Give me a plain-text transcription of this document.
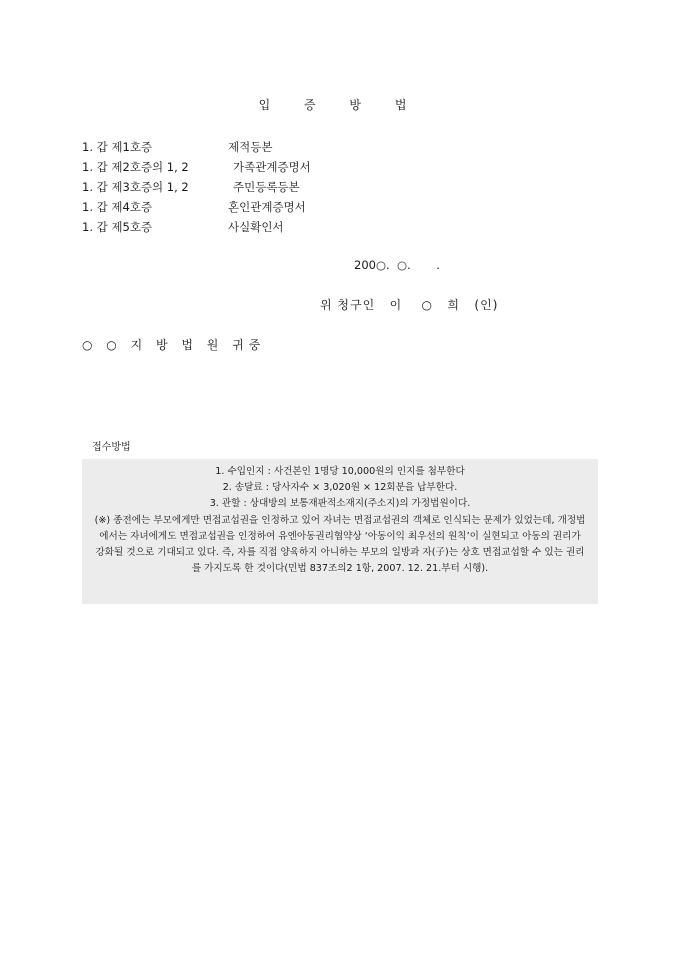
입 증 방 법
1. 갑 제1호증	제적등본
1. 갑 제2호증의 1, 2	가족관계증명서
1. 갑 제3호증의 1, 2	주민등록등본
1. 갑 제4호증	혼인관계증명서
1. 갑 제5호증	사실확인서
200○.  ○.       .
위 청구인   이    ○   희   (인)
○ ○ 지 방 법 원 귀중
접수방법

1. 수입인지 : 사건본인 1명당 10,000원의 인지를 첨부한다

2. 송달료 : 당사자수 × 3,020원 × 12회분을 납부한다.

3. 관할 : 상대방의 보통재판적소재지(주소지)의 가정법원이다.

(※) 종전에는 부모에게만 면접교섭권을 인정하고 있어 자녀는 면접교섭권의 객체로 인식되는 문제가 있었는데, 개정법에서는 자녀에게도 면접교섭권을 인정하여 유엔아동권리협약상 ‘아동이익 최우선의 원칙’이 실현되고 아동의 권리가 강화될 것으로 기대되고 있다. 즉, 자를 직접 양육하지 아니하는 부모의 일방과 자(子)는 상호 면접교섭할 수 있는 권리를 가지도록 한 것이다(민법 837조의2 1항, 2007. 12. 21.부터 시행).
